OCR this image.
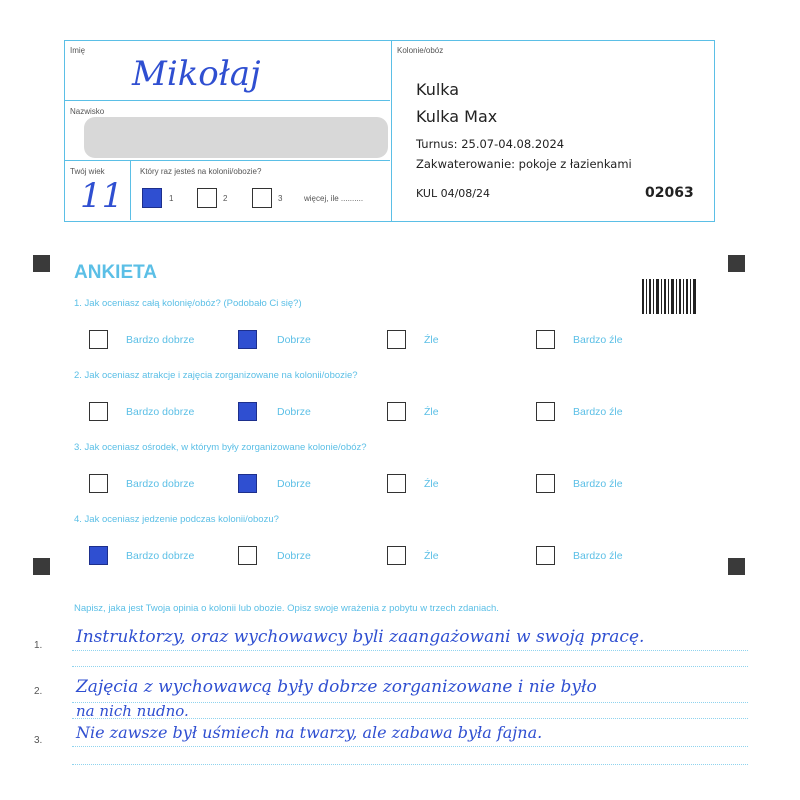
Imię
Mikołaj
Nazwisko
Twój wiek
11
Który raz jesteś na kolonii/obozie?
1	2	3	więcej, ile ..........
Kolonie/obóz
Kulka
Kulka Max
Turnus: 25.07-04.08.2024
Zakwaterowanie: pokoje z łazienkami
KUL 04/08/24	02063
ANKIETA
1. Jak oceniasz całą kolonię/obóz? (Podobało Ci się?)
Bardzo dobrze	Dobrze	Źle	Bardzo źle
2. Jak oceniasz atrakcje i zajęcia zorganizowane na kolonii/obozie?
Bardzo dobrze	Dobrze	Źle	Bardzo źle
3. Jak oceniasz ośrodek, w którym były zorganizowane kolonie/obóz?
Bardzo dobrze	Dobrze	Źle	Bardzo źle
4. Jak oceniasz jedzenie podczas kolonii/obozu?
Bardzo dobrze	Dobrze	Źle	Bardzo źle
Napisz, jaka jest Twoja opinia o kolonii lub obozie. Opisz swoje wrażenia z pobytu w trzech zdaniach.
1. Instruktorzy, oraz wychowawcy byli zaangażowani w swoją pracę.
2. Zajęcia z wychowawcą były dobrze zorganizowane i nie było
na nich nudno.
3. Nie zawsze był uśmiech na twarzy, ale zabawa była fajna.
